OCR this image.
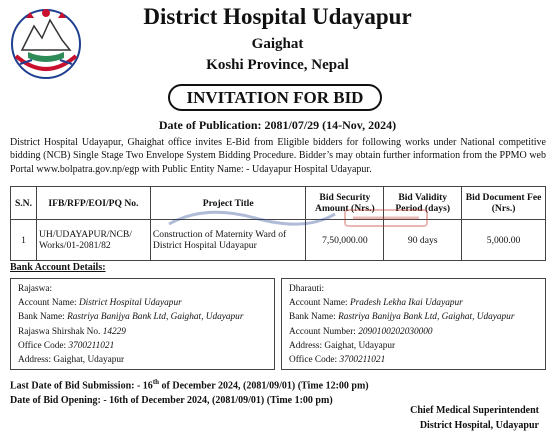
District Hospital Udayapur
Gaighat
Koshi Province, Nepal
INVITATION FOR BID
Date of Publication: 2081/07/29 (14-Nov, 2024)
District Hospital Udayapur, Ghaighat office invites E-Bid from Eligible bidders for following works under National competitive bidding (NCB) Single Stage Two Envelope System Bidding Procedure. Bidder’s may obtain further information from the PPMO web Portal www.bolpatra.gov.np/egp with Public Entity Name: - Udayapur Hospital Udayapur.
S.N.	IFB/RFP/EOI/PQ No.	Project Title	Bid Security Amount (Nrs.)	Bid Validity Period (days)	Bid Document Fee (Nrs.)
1	UH/UDAYAPUR/NCB/ Works/01-2081/82	Construction of Maternity Ward of District Hospital Udayapur	7,50,000.00	90 days	5,000.00
Bank Account Details:
Rajaswa:
Account Name: District Hospital Udayapur
Bank Name: Rastriya Banijya Bank Ltd, Gaighat, Udayapur
Rajaswa Shirshak No. 14229
Office Code: 3700211021
Address: Gaighat, Udayapur
Dharauti:
Account Name: Pradesh Lekha Ikai Udayapur
Bank Name: Rastriya Banijya Bank Ltd, Gaighat, Udayapur
Account Number: 2090100202030000
Address: Gaighat, Udayapur
Office Code: 3700211021
Last Date of Bid Submission: - 16th of December 2024, (2081/09/01) (Time 12:00 pm)
Date of Bid Opening: - 16th of December 2024, (2081/09/01) (Time 1:00 pm)
Chief Medical Superintendent
District Hospital, Udayapur
